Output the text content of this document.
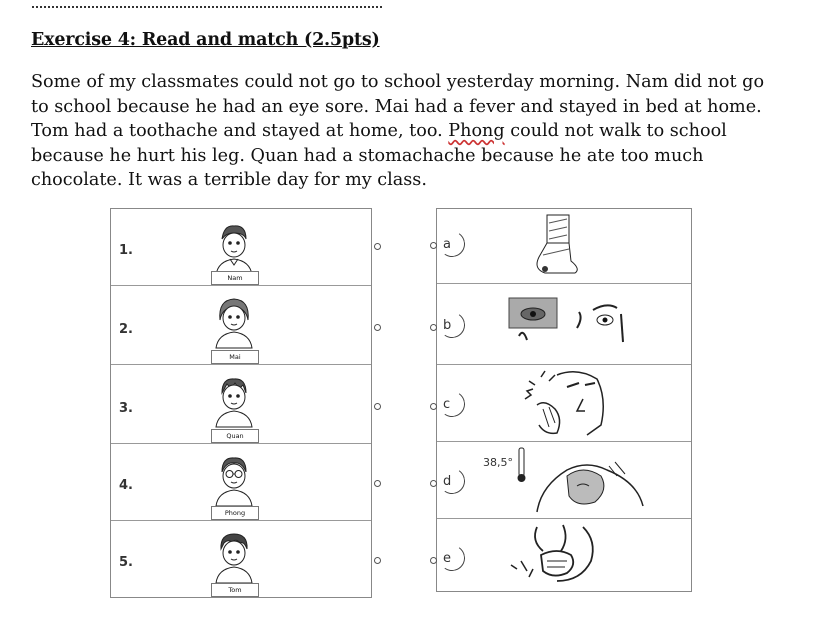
Exercise 4: Read and match (2.5pts)

Some of my classmates could not go to school yesterday morning. Nam did not go

to school because he had an eye sore. Mai had a fever and stayed in bed at home.

Tom had a toothache and stayed at home, too. Phong could not walk to school

because he hurt his leg. Quan had a stomachache because he ate too much

chocolate. It was a terrible day for my class.

1.
Nam
2.
Mai
3.
Quan
4.
Phong
5.
Tom
a
b
c
d
38,5°
e
